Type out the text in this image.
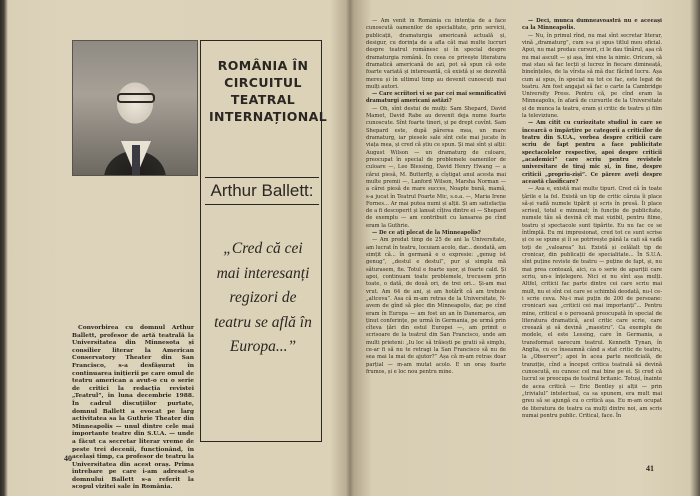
ROMÂNIA ÎN CIRCUITUL TEATRAL INTERNAȚIONAL
Arthur Ballett:
„Cred că cei mai interesanți regizori de teatru se află în Europa...”
Convorbirea cu domnul Arthur Ballett, profesor de artă teatrală la Universitatea din Minnesota și consilier literar la American Conservatory Theater din San Francisco, s-a desfășurat în continuarea inițierii pe care omul de teatru american a avut-o cu o serie de critici la redacția revistei „Teatrul”, în luna decembrie 1988. În cadrul discuțiilor purtate, domnul Ballett a evocat pe larg activitatea sa la Guthrie Theater din Minneapolis — unul dintre cele mai importante teatre din S.U.A. — unde a făcut ca secretar literar vreme de peste trei decenii, funcționând, în același timp, ca profesor de teatru la Universitatea din acest oraș. Prima întrebare pe care i-am adresat-o domnului Ballett s-a referit la scopul vizitei sale în România.
40

— Am venit în România cu intenția de a face cunoscută oamenilor de specialitate, prin servicii, publicații, dramaturgia americană actuală și, desigur, cu dorința de a afla cât mai multe lucruri despre teatrul românesc și în special despre dramaturgia română. În ceea ce privește literatura dramatică americană de azi, pot să spun că este foarte variată și interesantă, că există și se dezvoltă mereu și în ultimul timp au devenit cunoscuți mai mulți autori.

— Care scriitori vi se par cei mai semnificativi dramaturgi americani astăzi?

— Oh, sînt destui de mulți: Sam Shepard, David Mamet, David Rabe au devenit deja nume foarte cunoscute. Sînt foarte tineri, și pe drept cuvînt. Sam Shepard este, după părerea mea, un mare dramaturg, iar piesele sale sînt cele mai jucate în viața mea, și cred că știu ce spun. Și mai sînt și alții: August Wilson — un dramaturg de culoare, preocupat în special de problemele oamenilor de culoare —, Lee Blessing, David Henry Hwang — a cărui piesă, M. Butterfly, a cîștigat anul acesta mai multe premii —, Lanford Wilson, Marsha Norman — a cărei piesă de mare succes, Noapte bună, mamă, s-a jucat în Teatrul Foarte Mic, s.o.a. —, Maria Irene Fornes... Ar mai putea numi și alții. Și am satisfacția de a fi descoperit și lansat cîțiva dintre ei — Shepard de exemplu — am contribuit cu lansarea pe cînd eram la Guthrie.

— De ce ați plecat de la Minneapolis?

— Am predat timp de 25 de ani la Universitate, am lucrat în teatru, locuiam acolo, dar... deodată, am simțit că... în germană e o expresie: „genug ist genug”, „destul e destul”, pur și simplu mă săturasem, fie. Totul e foarte ușor, și foarte cald. Și apoi, continuam toate problemele, trecusem prin toate, o dată, de două ori, de trei ori... Și-am mai vrut. Am 64 de ani, și am hotărît că am trebuie „altceva”. Asa că m-am retras de la Universitate, N-avem de gînd să plec din Minneapolis, dar, pe cînd eram în Europa — am fost un an în Danemarca, am ținut conferințe, pe urmă în Germania, pe urmă prin cîteva țări din estul Europei —, am primit o scrisoare de la teatrul din San Francisco, unde am multi prieteni: „Iu loc să trăiești pe gratii să simplu, ce-ar fi să nu te retragi la San Francisco să nu de sea mai la mai de ajutor?” Așa că m-am retras doar parțial — m-am mutat acolo. E un oraș foarte frumos, și e loc nou pentru mine.

— Deci, munca dumneavoastră nu e aceeași ca la Minneapolis.

— Nu, în primul rînd, nu mai sînt secretar literar, vină „dramaturg”, cum s-a și spus titlul meu oficial. Apoi, nu mai predau cursuri, ci le dau tînărul, așa că nu mai ascult — și așa, îmi vine la nimic. Oricum, să mai stau să fac lecții și lucrez în fiecare dimineață, bineînțeles, de la vîrsta să mă duc făcînd lucru. Așa cum ai spus, în special nu tot ce fac, este legat de teatru. Am fost angajat să fac o carte la Cambridge University Press. Pentru că, pe cînd eram la Minneapolis, în afară de cursurile de la Universitate și de munca la teatru, eram și critic de teatru și film la televiziune.

— Am citit cu curiozitate studiul în care se încearcă o împărțire pe categorii a criticilor de teatru din S.U.A., vorbea despre criticii care scriu de fapt pentru a face publicitate spectacolelor respective, apoi despre criticii „academici” care scriu pentru revistele universitare de tiraj mic și, în fine, despre criticii „propriu-ziși”. Ce părere aveți despre această clasificare?

— Asa e, există mai multe tipuri. Cred că în toate țările e la fel. Există un tip de critic căruia îi place să-și vadă numele tipărit și scris în presă. Îi place scrisul, totul e minunat; în funcție de publicitate, numele tău să devină cît mai vizibil, pentru filme, teatru și spectacole sunt tipărite. Eu nu fac ce se întîmplă. Eu mi impresionat, cred tot ce sunt scrise și ce se spune și îi se potrivește până la caii să vadă toți de „valoarea” lui. Există și celălalt tip de cronicar, din publicații de specialitate... În S.U.A. sînt puține reviste de teatru — puține de fapt, și, nu mai prea contează, aici, ca o serie de apariții care scriu, un-s înțelegere. Nici ei nu sînt așa mulți. Altfel, criticii fac parte dintre cei care scriu mai mult, nu ei sînt cei care se schimbă deodată, nu-l ce-i scrie ceva. Nu-i mai puțin de 200 de persoane: cronicari sau „criticii cei mai importanți”... Pentru mine, criticul e o persoană preocupată în special de literatura dramatică, acel critic care scrie, care creează și să devină „maestru”. Ca exemplu de modele, el este Lessing, care în Germania, a transformat oarecum teatrul. Kenneth Tynan, în Anglia, cu ce înseamnă când a stat critic de teatru, la „Observer”; apoi în acea parte neoficială, de tranziție, cînd a început critica teatrală să devină cunoscută, eu cunosc cel mai bine pe ei. Și cred că lucrul se preocupa de teatrul britanic. Totuși, înainte de acea critică — Eric Bentley și alții — prin „trivialul” intelectual, ca sa spunem, era mult mai greu să se ajungă cu o critică așa. Eu m-am ocupat de literatura de teatru ca mulți dintre noi, am scris numai pentru public. Critical, face. În

41
